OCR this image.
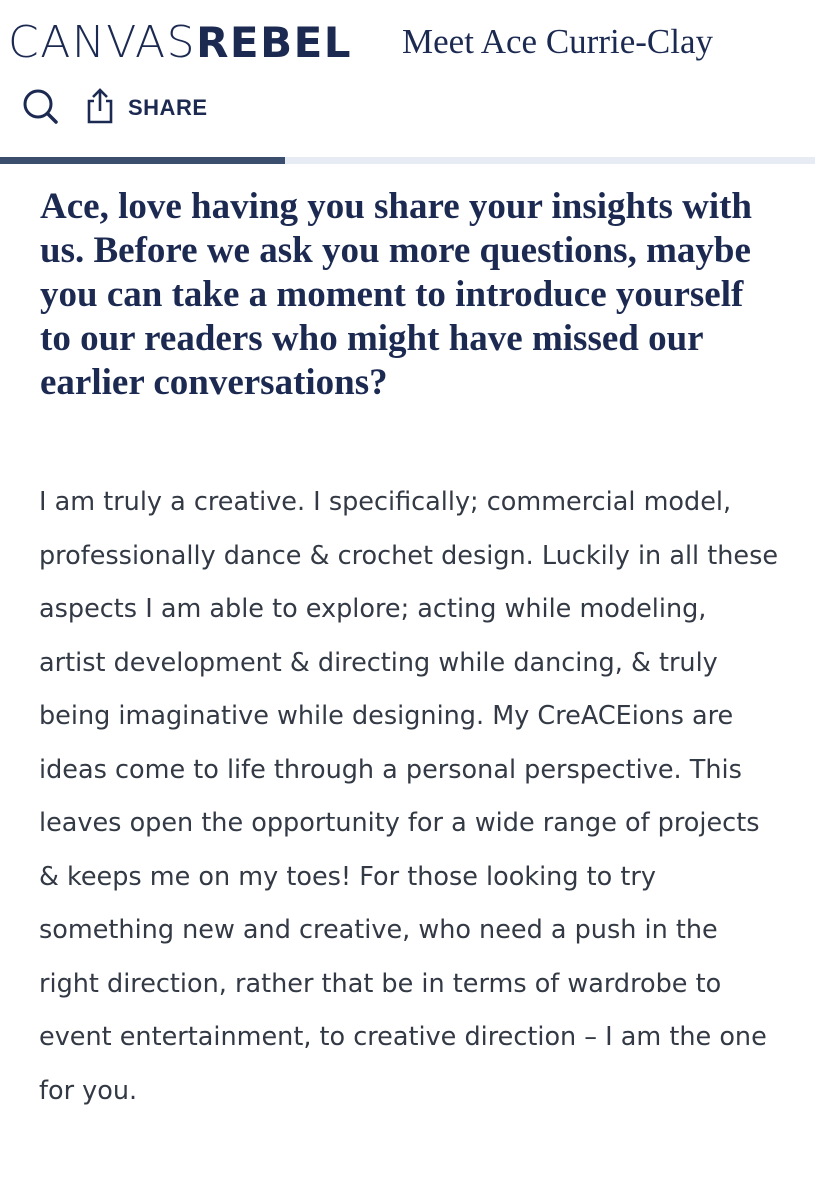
CANVAS REBEL Meet Ace Currie-Clay
SHARE
Ace, love having you share your insights with us. Before we ask you more questions, maybe you can take a moment to introduce yourself to our readers who might have missed our earlier conversations?

I am truly a creative. I specifically; commercial model, professionally dance & crochet design. Luckily in all these aspects I am able to explore; acting while modeling, artist development & directing while dancing, & truly being imaginative while designing. My CreACEions are ideas come to life through a personal perspective. This leaves open the opportunity for a wide range of projects & keeps me on my toes! For those looking to try something new and creative, who need a push in the right direction, rather that be in terms of wardrobe to event entertainment, to creative direction – I am the one for you.
